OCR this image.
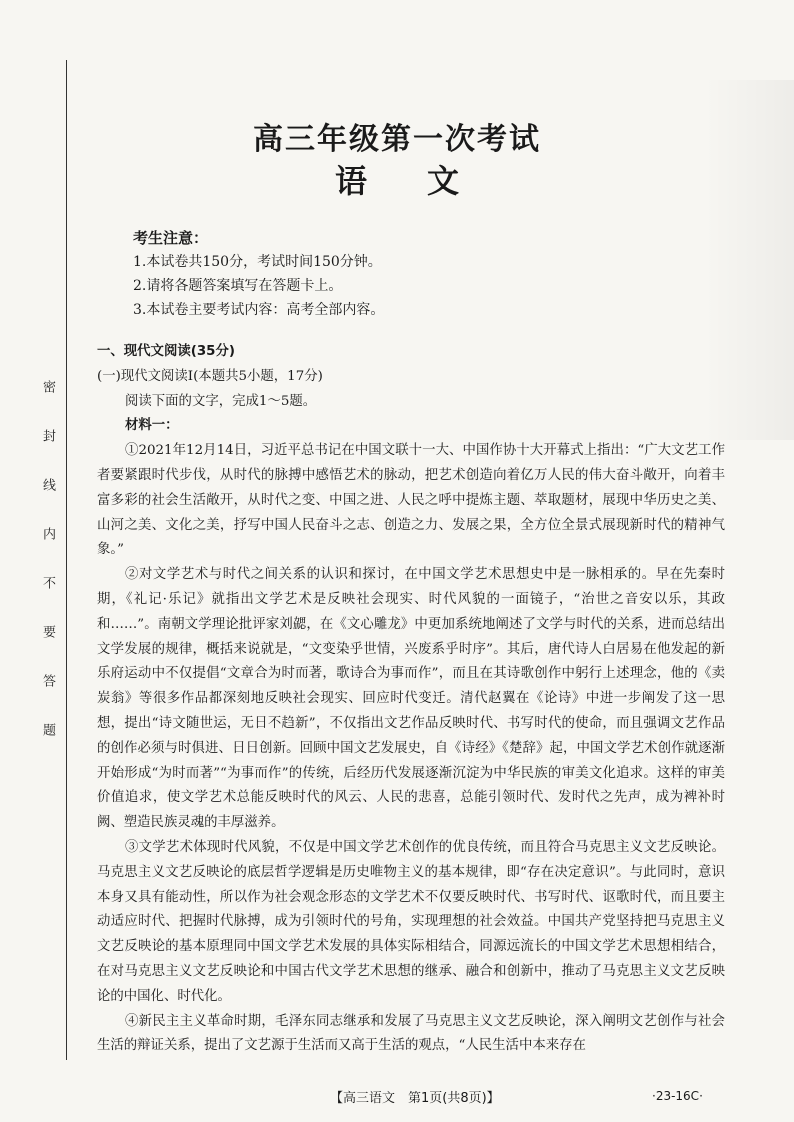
密封线内不要答题
高三年级第一次考试
语文
考生注意：
1.本试卷共150分，考试时间150分钟。
2.请将各题答案填写在答题卡上。
3.本试卷主要考试内容：高考全部内容。
一、现代文阅读(35分)
(一)现代文阅读Ⅰ(本题共5小题，17分)
阅读下面的文字，完成1～5题。
材料一：

①2021年12月14日，习近平总书记在中国文联十一大、中国作协十大开幕式上指出：“广大文艺工作者要紧跟时代步伐，从时代的脉搏中感悟艺术的脉动，把艺术创造向着亿万人民的伟大奋斗敞开，向着丰富多彩的社会生活敞开，从时代之变、中国之进、人民之呼中提炼主题、萃取题材，展现中华历史之美、山河之美、文化之美，抒写中国人民奋斗之志、创造之力、发展之果，全方位全景式展现新时代的精神气象。”

②对文学艺术与时代之间关系的认识和探讨，在中国文学艺术思想史中是一脉相承的。早在先秦时期，《礼记·乐记》就指出文学艺术是反映社会现实、时代风貌的一面镜子，“治世之音安以乐，其政和……”。南朝文学理论批评家刘勰，在《文心雕龙》中更加系统地阐述了文学与时代的关系，进而总结出文学发展的规律，概括来说就是，“文变染乎世情，兴废系乎时序”。其后，唐代诗人白居易在他发起的新乐府运动中不仅提倡“文章合为时而著，歌诗合为事而作”，而且在其诗歌创作中躬行上述理念，他的《卖炭翁》等很多作品都深刻地反映社会现实、回应时代变迁。清代赵翼在《论诗》中进一步阐发了这一思想，提出“诗文随世运，无日不趋新”，不仅指出文艺作品反映时代、书写时代的使命，而且强调文艺作品的创作必须与时俱进、日日创新。回顾中国文艺发展史，自《诗经》《楚辞》起，中国文学艺术创作就逐渐开始形成“为时而著”“为事而作”的传统，后经历代发展逐渐沉淀为中华民族的审美文化追求。这样的审美价值追求，使文学艺术总能反映时代的风云、人民的悲喜，总能引领时代、发时代之先声，成为裨补时阙、塑造民族灵魂的丰厚滋养。

③文学艺术体现时代风貌，不仅是中国文学艺术创作的优良传统，而且符合马克思主义文艺反映论。马克思主义文艺反映论的底层哲学逻辑是历史唯物主义的基本规律，即“存在决定意识”。与此同时，意识本身又具有能动性，所以作为社会观念形态的文学艺术不仅要反映时代、书写时代、讴歌时代，而且要主动适应时代、把握时代脉搏，成为引领时代的号角，实现理想的社会效益。中国共产党坚持把马克思主义文艺反映论的基本原理同中国文学艺术发展的具体实际相结合，同源远流长的中国文学艺术思想相结合，在对马克思主义文艺反映论和中国古代文学艺术思想的继承、融合和创新中，推动了马克思主义文艺反映论的中国化、时代化。

④新民主主义革命时期，毛泽东同志继承和发展了马克思主义文艺反映论，深入阐明文艺创作与社会生活的辩证关系，提出了文艺源于生活而又高于生活的观点，“人民生活中本来存在

【高三语文　第1页(共8页)】	·23-16C·
